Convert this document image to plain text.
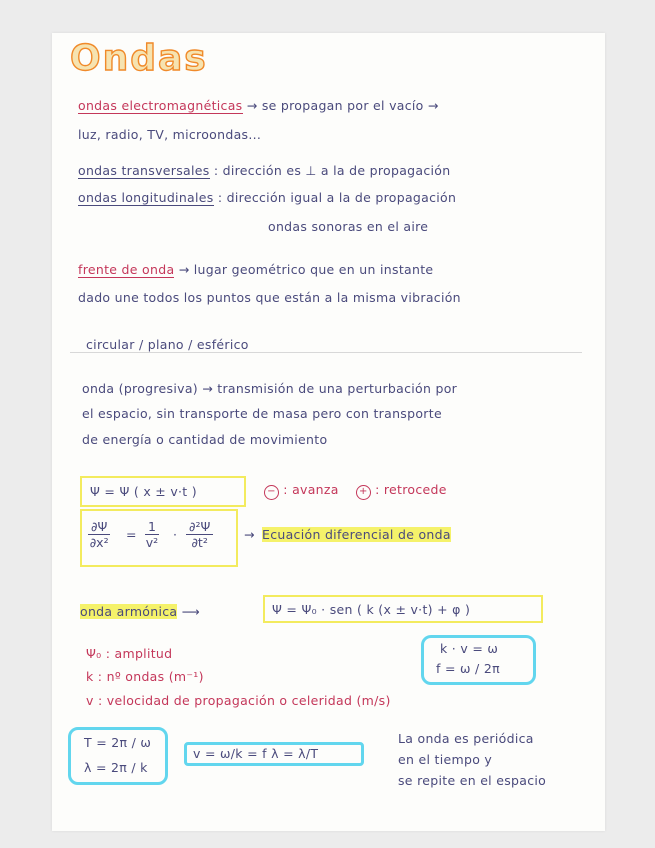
Ondas
ondas electromagnéticas → se propagan por el vacío →
luz, radio, TV, microondas...
ondas transversales : dirección es ⊥ a la de propagación
ondas longitudinales : dirección igual a la de propagación
ondas sonoras en el aire
frente de onda → lugar geométrico que en un instante
dado une todos los puntos que están a la misma vibración
circular / plano / esférico
onda (progresiva) → transmisión de una perturbación por
el espacio, sin transporte de masa pero con transporte
de energía o cantidad de movimiento
Ψ = Ψ ( x ± v·t )	− : avanza + : retrocede
$\frac{\partial\Psi}{\text{∂x²}} = \frac{1}{\text{v²}} \cdot \frac{\text{∂²Ψ}}{\text{∂t²}}$ → Ecuación diferencial de onda
onda armónica ⟶	Ψ = Ψ₀ · sen ( k (x ± v·t) + φ )
Ψ₀ : amplitud
k : nº ondas (m⁻¹)
v : velocidad de propagación o celeridad (m/s)
k · v = ω
f = ω / 2π
T = 2π / ω
λ = 2π / k
v = ω/k = f λ = λ/T
La onda es periódica
en el tiempo y
se repite en el espacio
